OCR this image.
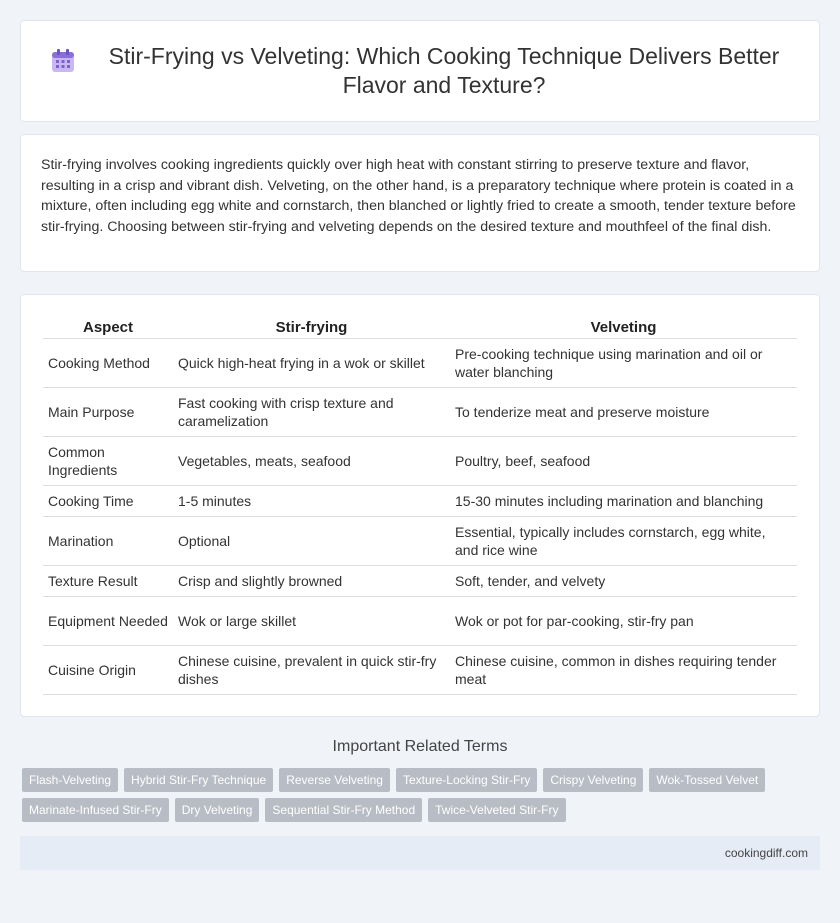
Stir-Frying vs Velveting: Which Cooking Technique Delivers Better Flavor and Texture?
Stir-frying involves cooking ingredients quickly over high heat with constant stirring to preserve texture and flavor, resulting in a crisp and vibrant dish. Velveting, on the other hand, is a preparatory technique where protein is coated in a mixture, often including egg white and cornstarch, then blanched or lightly fried to create a smooth, tender texture before stir-frying. Choosing between stir-frying and velveting depends on the desired texture and mouthfeel of the final dish.
Aspect	Stir-frying	Velveting
Cooking Method	Quick high-heat frying in a wok or skillet	Pre-cooking technique using marination and oil or water blanching
Main Purpose	Fast cooking with crisp texture and caramelization	To tenderize meat and preserve moisture
Common Ingredients	Vegetables, meats, seafood	Poultry, beef, seafood
Cooking Time	1-5 minutes	15-30 minutes including marination and blanching
Marination	Optional	Essential, typically includes cornstarch, egg white, and rice wine
Texture Result	Crisp and slightly browned	Soft, tender, and velvety
Equipment Needed	Wok or large skillet	Wok or pot for par-cooking, stir-fry pan
Cuisine Origin	Chinese cuisine, prevalent in quick stir-fry dishes	Chinese cuisine, common in dishes requiring tender meat
Important Related Terms
Flash-Velveting	Hybrid Stir-Fry Technique	Reverse Velveting	Texture-Locking Stir-Fry	Crispy Velveting	Wok-Tossed Velvet
Marinate-Infused Stir-Fry	Dry Velveting	Sequential Stir-Fry Method	Twice-Velveted Stir-Fry
cookingdiff.com
